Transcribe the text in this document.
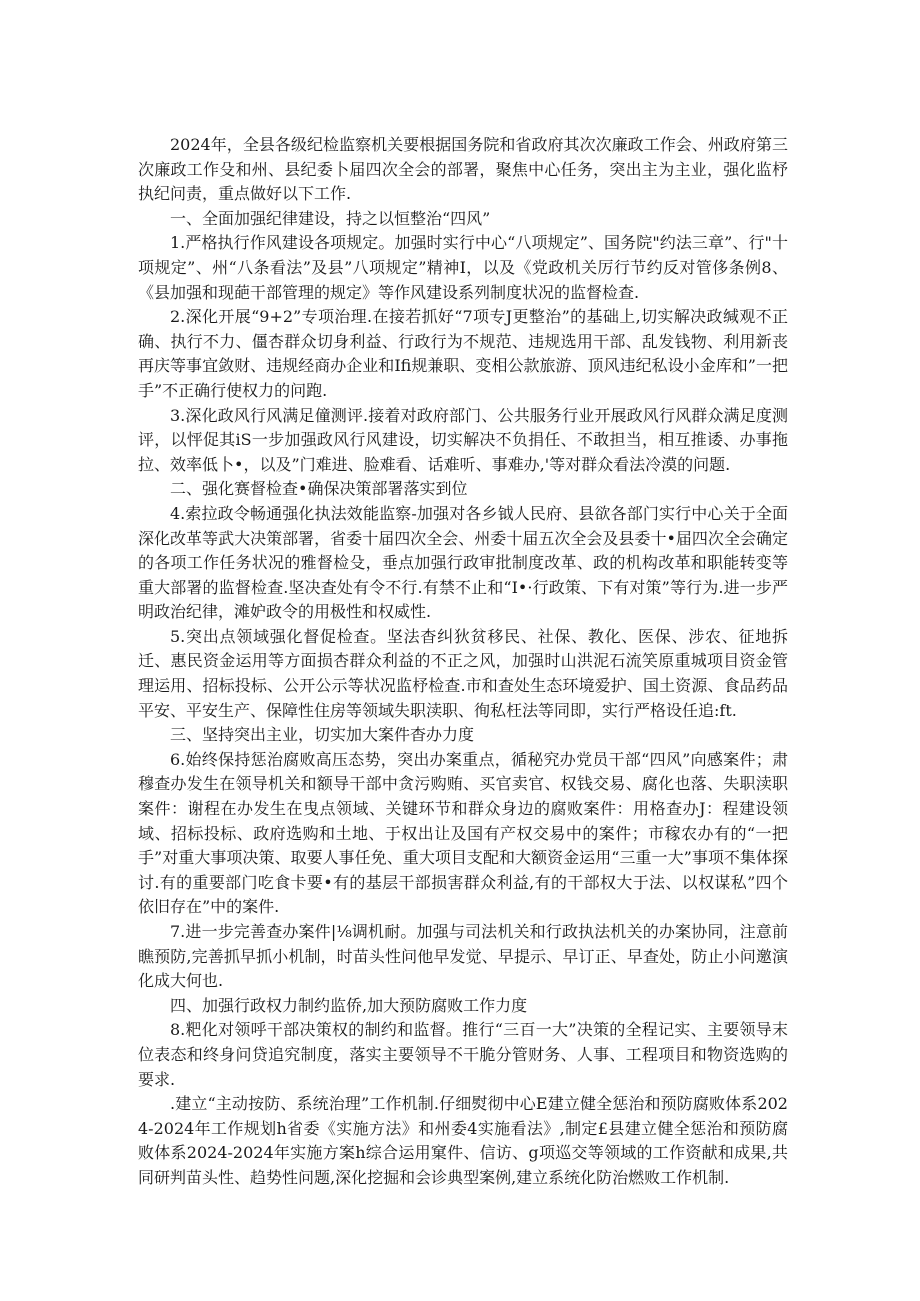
2024年，全县各级纪检监察机关要根据国务院和省政府其次次廉政工作会、州政府第三次廉政工作殳和州、县纪委卜届四次全会的部署，聚焦中心任务，突出主为主业，强化监杼执纪问责，重点做好以下工作.

一、全面加强纪律建设，持之以恒整治“四风”

1.严格执行作风建设各项规定。加强时实行中心“八项规定”、国务院"约法三章”、行"十项规定”、州“八条看法”及县”八项规定”精神I，以及《党政机关厉行节约反对管侈条例8、《县加强和现葩干部管理的规定》等作风建设系列制度状况的监督检查.

2.深化开展“9+2”专项治理.在接若抓好“7项专J更整治”的基础上,切实解决政缄观不正确、执行不力、僵杏群众切身利益、行政行为不规范、违规选用干部、乱发钱物、利用新丧再庆等事宜敛财、违规经商办企业和Ifi规兼职、变相公款旅游、顶风违纪私设小金库和”一把手”不正确行使权力的问跑.

3.深化政风行风满足僮测评.接着对政府部门、公共服务行业开展政风行风群众满足度测评，以怦促其iS一步加强政风行风建设，切实解决不负捐任、不敢担当，相互推诿、办事拖拉、效率低卜•，以及”门难进、脸难看、话难听、事难办,'等对群众看法冷漠的问题.

二、强化赛督检查•确保决策部署落实到位

4.索拉政令畅通强化执法效能监察-加强对各乡钺人民府、县欲各部门实行中心关于全面深化改革等武大决策部署，省委十届四次全会、州委十届五次全会及县委十•届四次全会确定的各项工作任务状况的雅督检殳，垂点加强行政审批制度改革、政的机构改革和职能转变等重大部署的监督检查.坚决查处有令不行.有禁不止和“I•·行政策、下有对策”等行为.进一步严明政治纪律，滩妒政令的用极性和权威性.

5.突出点领域强化督促检查。坚法杳纠狄贫移民、社保、教化、医保、涉农、征地拆迁、惠民资金运用等方面损杏群众利益的不正之风，加强时山洪泥石流笑原重城项目资金管理运用、招标投标、公开公示等状况监杼检查.市和查处生态环境爱护、国土资源、食品药品平安、平安生产、保障性住房等领域失职渎职、徇私枉法等同即，实行严格设任追:ft.

三、坚持突出主业，切实加大案件杳办力度

6.始终保持惩治腐败高压态势，突出办案重点，循秘究办党员干部“四风”向感案件；肃穆查办发生在领导机关和额导干部中贪污购贿、买官卖官、权钱交易、腐化也落、失职渎职案件：谢程在办发生在曳点领域、关键环节和群众身边的腐败案件：用格查办J：程建设领域、招标投标、政府选购和土地、于权出让及国有产权交易中的案件；市稼农办有的“一把手”对重大事项决策、取要人事任免、重大项目支配和大额资金运用“三重一大”事项不集体探讨.有的重要部门吃食卡要•有的基层干部损害群众利益,有的干部权大于法、以权谋私”四个依旧存在”中的案件.

7.进一步完善查办案件|⅛调机耐。加强与司法机关和行政执法机关的办案协同，注意前瞧预防,完善抓早抓小机制，时苗头性问他早发觉、早提示、早订正、早查处，防止小问邀演化成大何也.

四、加强行政权力制约监侨,加大预防腐败工作力度

8.粑化对领呼干部决策权的制约和监督。推行“三百一大”决策的全程记实、主要领导末位表态和终身问贷追究制度，落实主要领导不干脆分管财务、人事、工程项目和物资选购的要求.

.建立“主动按防、系统治理”工作机制.仔细熨彻中心E建立健全惩治和预防腐败体系2024-2024年工作规划h省委《实施方法》和州委4实施看法》,制定£县建立健全惩治和预防腐败体系2024-2024年实施方案h综合运用窠件、信访、g项巡交等领域的工作资献和成果,共同研判苗头性、趋势性问题,深化挖掘和会诊典型案例,建立系统化防治燃败工作机制.
